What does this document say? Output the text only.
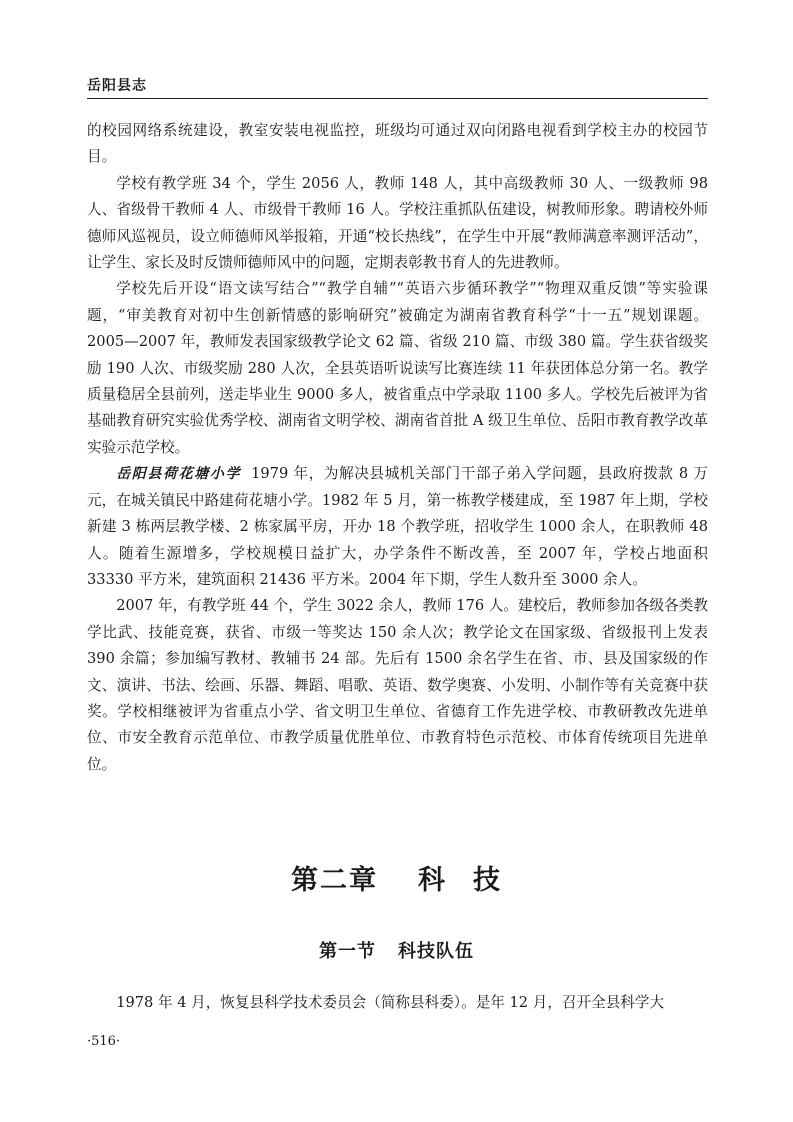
岳阳县志

的校园网络系统建设，教室安装电视监控，班级均可通过双向闭路电视看到学校主办的校园节目。

学校有教学班 34 个，学生 2056 人，教师 148 人，其中高级教师 30 人、一级教师 98 人、省级骨干教师 4 人、市级骨干教师 16 人。学校注重抓队伍建设，树教师形象。聘请校外师德师风巡视员，设立师德师风举报箱，开通“校长热线”，在学生中开展“教师满意率测评活动”，让学生、家长及时反馈师德师风中的问题，定期表彰教书育人的先进教师。

学校先后开设“语文读写结合”“教学自辅”“英语六步循环教学”“物理双重反馈”等实验课题，“审美教育对初中生创新情感的影响研究”被确定为湖南省教育科学“十一五”规划课题。2005—2007 年，教师发表国家级教学论文 62 篇、省级 210 篇、市级 380 篇。学生获省级奖励 190 人次、市级奖励 280 人次，全县英语听说读写比赛连续 11 年获团体总分第一名。教学质量稳居全县前列，送走毕业生 9000 多人，被省重点中学录取 1100 多人。学校先后被评为省基础教育研究实验优秀学校、湖南省文明学校、湖南省首批 A 级卫生单位、岳阳市教育教学改革实验示范学校。

岳阳县荷花塘小学 1979 年，为解决县城机关部门干部子弟入学问题，县政府拨款 8 万元，在城关镇民中路建荷花塘小学。1982 年 5 月，第一栋教学楼建成，至 1987 年上期，学校新建 3 栋两层教学楼、2 栋家属平房，开办 18 个教学班，招收学生 1000 余人，在职教师 48 人。随着生源增多，学校规模日益扩大，办学条件不断改善，至 2007 年，学校占地面积 33330 平方米，建筑面积 21436 平方米。2004 年下期，学生人数升至 3000 余人。

2007 年，有教学班 44 个，学生 3022 余人，教师 176 人。建校后，教师参加各级各类教学比武、技能竞赛，获省、市级一等奖达 150 余人次；教学论文在国家级、省级报刊上发表 390 余篇；参加编写教材、教辅书 24 部。先后有 1500 余名学生在省、市、县及国家级的作文、演讲、书法、绘画、乐器、舞蹈、唱歌、英语、数学奥赛、小发明、小制作等有关竞赛中获奖。学校相继被评为省重点小学、省文明卫生单位、省德育工作先进学校、市教研教改先进单位、市安全教育示范单位、市教学质量优胜单位、市教育特色示范校、市体育传统项目先进单位。

第二章 科 技
第一节 科技队伍

1978 年 4 月，恢复县科学技术委员会（简称县科委）。是年 12 月，召开全县科学大

·516·
